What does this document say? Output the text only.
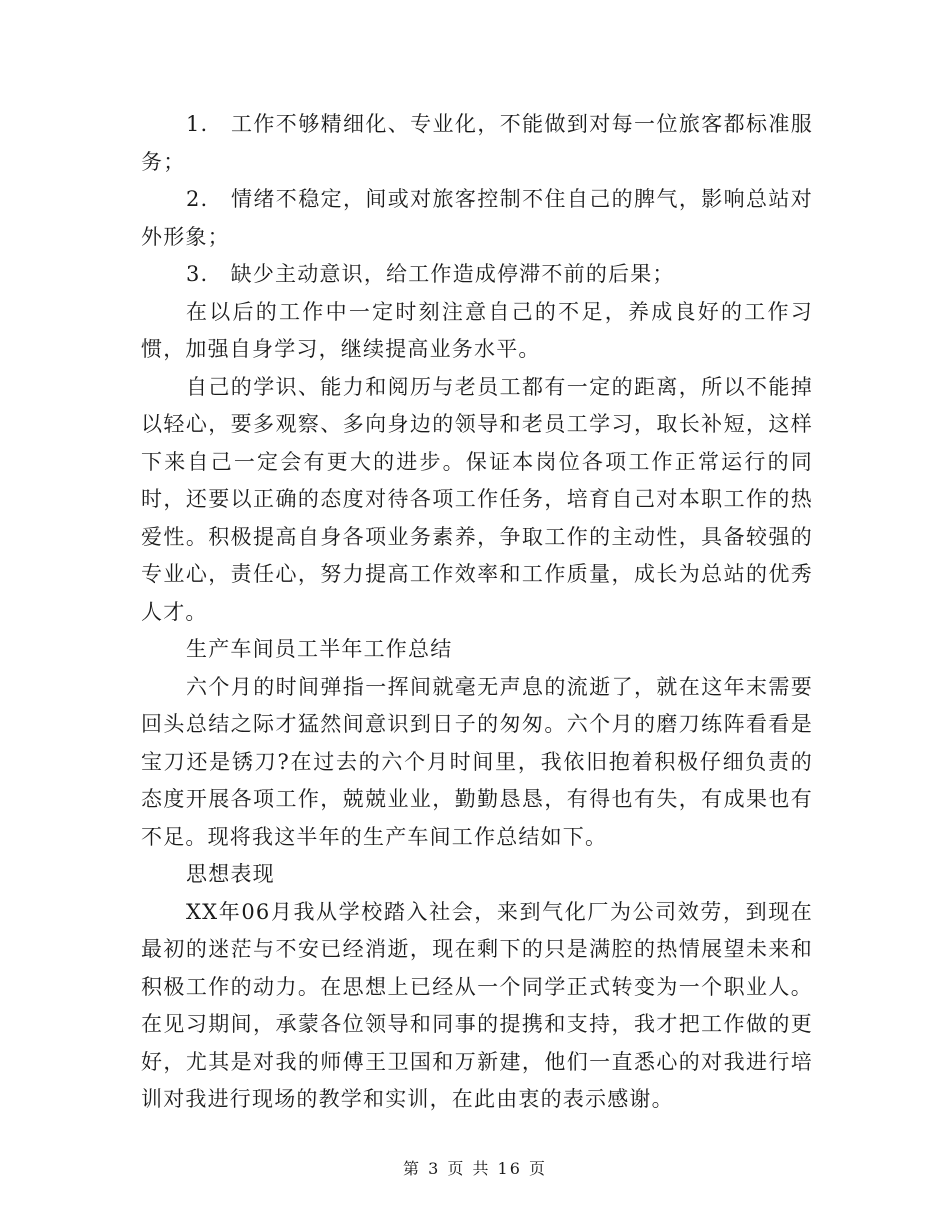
1.　工作不够精细化、专业化，不能做到对每一位旅客都标准服务；

2.　情绪不稳定，间或对旅客控制不住自己的脾气，影响总站对外形象；

3.　缺少主动意识，给工作造成停滞不前的后果；

在以后的工作中一定时刻注意自己的不足，养成良好的工作习惯，加强自身学习，继续提高业务水平。

自己的学识、能力和阅历与老员工都有一定的距离，所以不能掉以轻心，要多观察、多向身边的领导和老员工学习，取长补短，这样下来自己一定会有更大的进步。保证本岗位各项工作正常运行的同时，还要以正确的态度对待各项工作任务，培育自己对本职工作的热爱性。积极提高自身各项业务素养，争取工作的主动性，具备较强的专业心，责任心，努力提高工作效率和工作质量，成长为总站的优秀人才。

生产车间员工半年工作总结

六个月的时间弹指一挥间就毫无声息的流逝了，就在这年末需要回头总结之际才猛然间意识到日子的匆匆。六个月的磨刀练阵看看是宝刀还是锈刀?在过去的六个月时间里，我依旧抱着积极仔细负责的态度开展各项工作，兢兢业业，勤勤恳恳，有得也有失，有成果也有不足。现将我这半年的生产车间工作总结如下。

思想表现

XX年06月我从学校踏入社会，来到气化厂为公司效劳，到现在最初的迷茫与不安已经消逝，现在剩下的只是满腔的热情展望未来和积极工作的动力。在思想上已经从一个同学正式转变为一个职业人。在见习期间，承蒙各位领导和同事的提携和支持，我才把工作做的更好，尤其是对我的师傅王卫国和万新建，他们一直悉心的对我进行培训对我进行现场的教学和实训，在此由衷的表示感谢。

第 3 页 共 16 页
